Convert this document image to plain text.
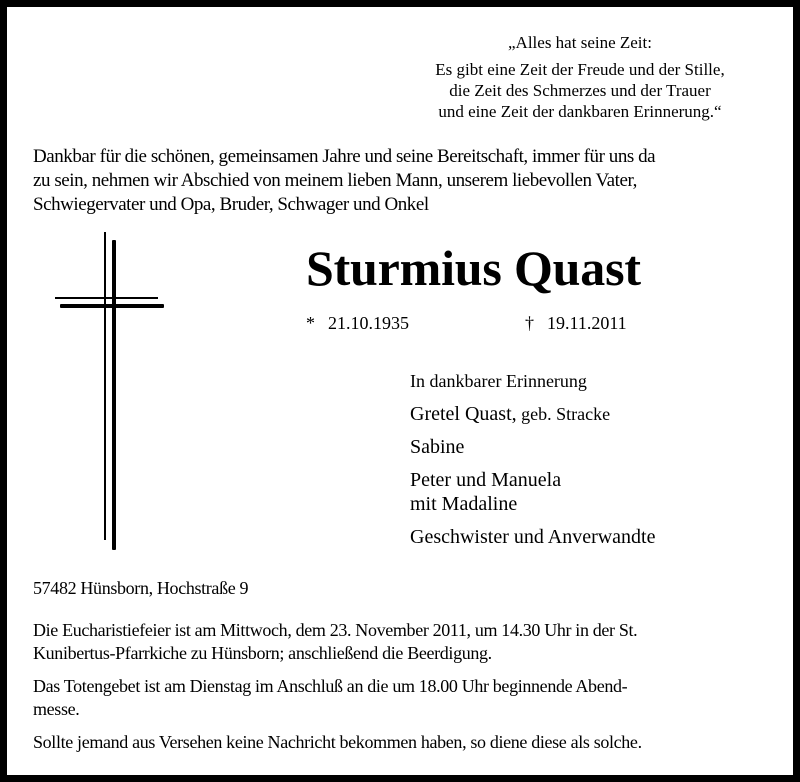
„Alles hat seine Zeit:
Es gibt eine Zeit der Freude und der Stille,
die Zeit des Schmerzes und der Trauer
und eine Zeit der dankbaren Erinnerung.“
Dankbar für die schönen, gemeinsamen Jahre und seine Bereitschaft, immer für uns da
zu sein, nehmen wir Abschied von meinem lieben Mann, unserem liebevollen Vater,
Schwiegervater und Opa, Bruder, Schwager und Onkel
Sturmius Quast
* 21.10.1935	† 19.11.2011
In dankbarer Erinnerung
Gretel Quast, geb. Stracke
Sabine
Peter und Manuela
mit Madaline
Geschwister und Anverwandte
57482 Hünsborn, Hochstraße 9
Die Eucharistiefeier ist am Mittwoch, dem 23. November 2011, um 14.30 Uhr in der St.
Kunibertus-Pfarrkiche zu Hünsborn; anschließend die Beerdigung.
Das Totengebet ist am Dienstag im Anschluß an die um 18.00 Uhr beginnende Abend-
messe.
Sollte jemand aus Versehen keine Nachricht bekommen haben, so diene diese als solche.
